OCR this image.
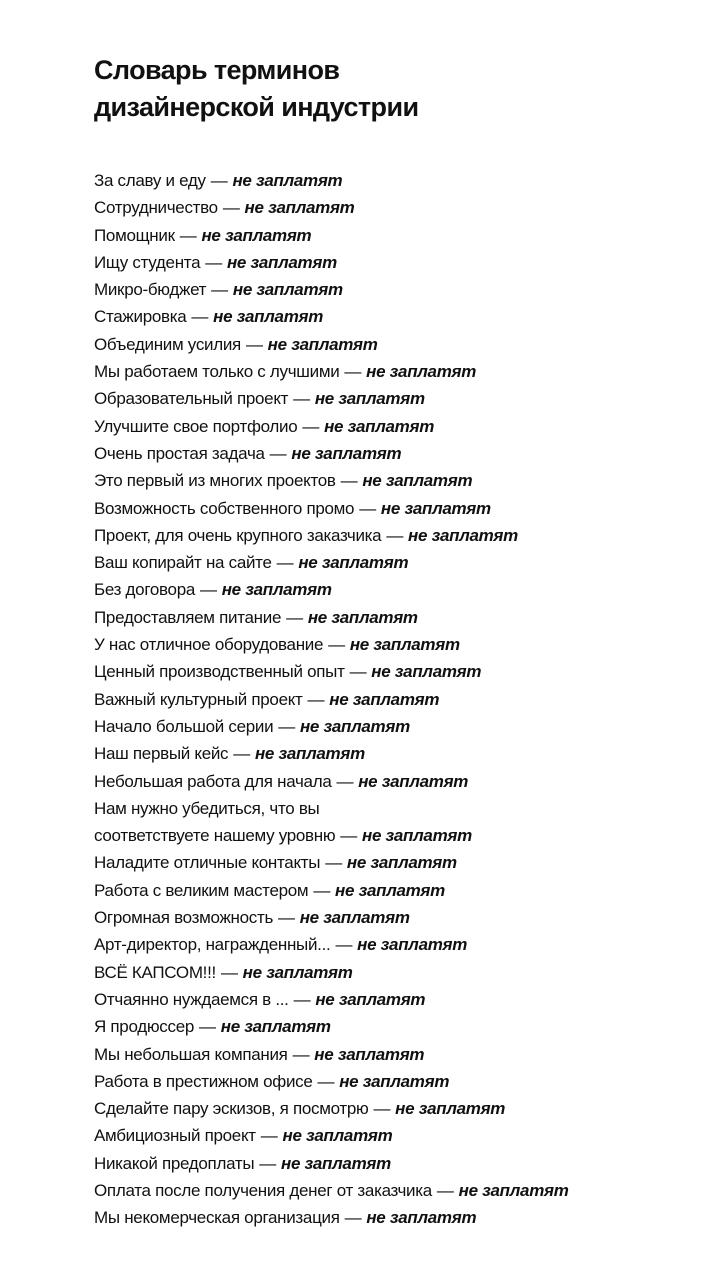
Словарь терминов
дизайнерской индустрии
За славу и еду — не заплатят
Сотрудничество — не заплатят
Помощник — не заплатят
Ищу студента — не заплатят
Микро-бюджет — не заплатят
Стажировка — не заплатят
Объединим усилия — не заплатят
Мы работаем только с лучшими — не заплатят
Образовательный проект — не заплатят
Улучшите свое портфолио — не заплатят
Очень простая задача — не заплатят
Это первый из многих проектов — не заплатят
Возможность собственного промо — не заплатят
Проект, для очень крупного заказчика — не заплатят
Ваш копирайт на сайте — не заплатят
Без договора — не заплатят
Предоставляем питание — не заплатят
У нас отличное оборудование — не заплатят
Ценный производственный опыт — не заплатят
Важный культурный проект — не заплатят
Начало большой серии — не заплатят
Наш первый кейс — не заплатят
Небольшая работа для начала — не заплатят
Нам нужно убедиться, что вы
соответствуете нашему уровню — не заплатят
Наладите отличные контакты — не заплатят
Работа с великим мастером — не заплатят
Огромная возможность — не заплатят
Арт-директор, награжденный... — не заплатят
ВСЁ КАПСОМ!!! — не заплатят
Отчаянно нуждаемся в ... — не заплатят
Я продюссер — не заплатят
Мы небольшая компания — не заплатят
Работа в престижном офисе — не заплатят
Сделайте пару эскизов, я посмотрю — не заплатят
Амбициозный проект — не заплатят
Никакой предоплаты — не заплатят
Оплата после получения денег от заказчика — не заплатят
Мы некомерческая организация — не заплатят
